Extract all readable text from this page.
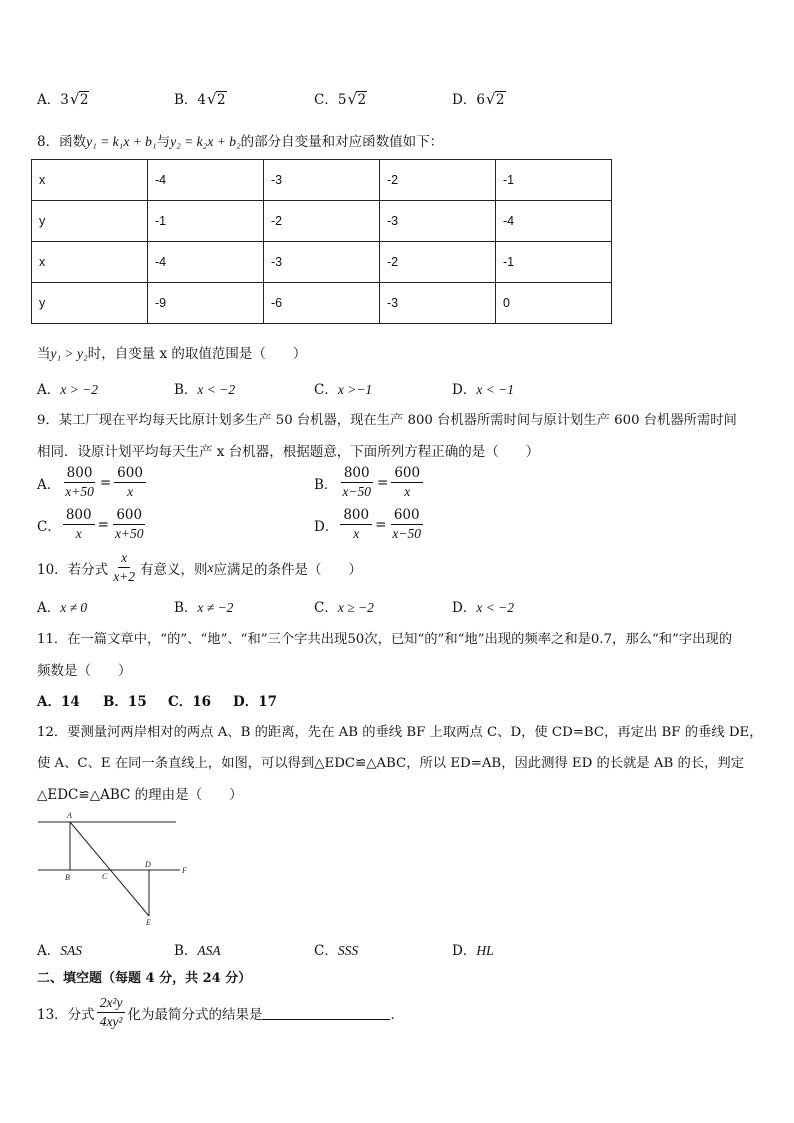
A．3 √ 2	B．4 √ 2	C．5 √ 2	D．6 √ 2
8．函数y₁ = k₁x + b₁与y₂ = k₂x + b₂的部分自变量和对应函数值如下：
x	-4	-3	-2	-1
y	-1	-2	-3	-4
x	-4	-3	-2	-1
y	-9	-6	-3	0
当y₁ > y₂时，自变量 x 的取值范围是（　　）
A．x > −2	B．x < −2	C．x >−1	D．x < −1
9．某工厂现在平均每天比原计划多生产 50 台机器，现在生产 800 台机器所需时间与原计划生产 600 台机器所需时间
相同．设原计划平均每天生产 x 台机器，根据题意，下面所列方程正确的是（　　）
A． $\frac{800}{x+50} = \frac{600}{x}$	B． $\frac{800}{x-50} = \frac{600}{x}$
C． $\frac{800}{x} = \frac{600}{x+50}$	D． $\frac{800}{x} = \frac{600}{x-50}$
10．若分式 $\frac{x}{x+2}$ 有意义，则 x 应满足的条件是（　　）
A．x ≠ 0	B．x ≠ −2	C．x ≥ −2	D．x < −2
11．在一篇文章中，“的”、“地”、“和”三个字共出现50次，已知“的”和“地”出现的频率之和是0.7，那么“和”字出现的
频数是（　　）
A．14 B．15 C．16 D．17
12．要测量河两岸相对的两点 A、B 的距离，先在 AB 的垂线 BF 上取两点 C、D，使 CD=BC，再定出 BF 的垂线 DE，
使 A、C、E 在同一条直线上，如图，可以得到△EDC≌△ABC，所以 ED=AB，因此测得 ED 的长就是 AB 的长，判定
△EDC≌△ABC 的理由是（　　）
A
B	C
D
E
F
A．SAS	B．ASA	C．SSS	D．HL
二、填空题（每题 4 分，共 24 分）
13．分式 $\frac{\text{2x²y}}{\text{4xy²}}$ 化为最简分式的结果是	．
